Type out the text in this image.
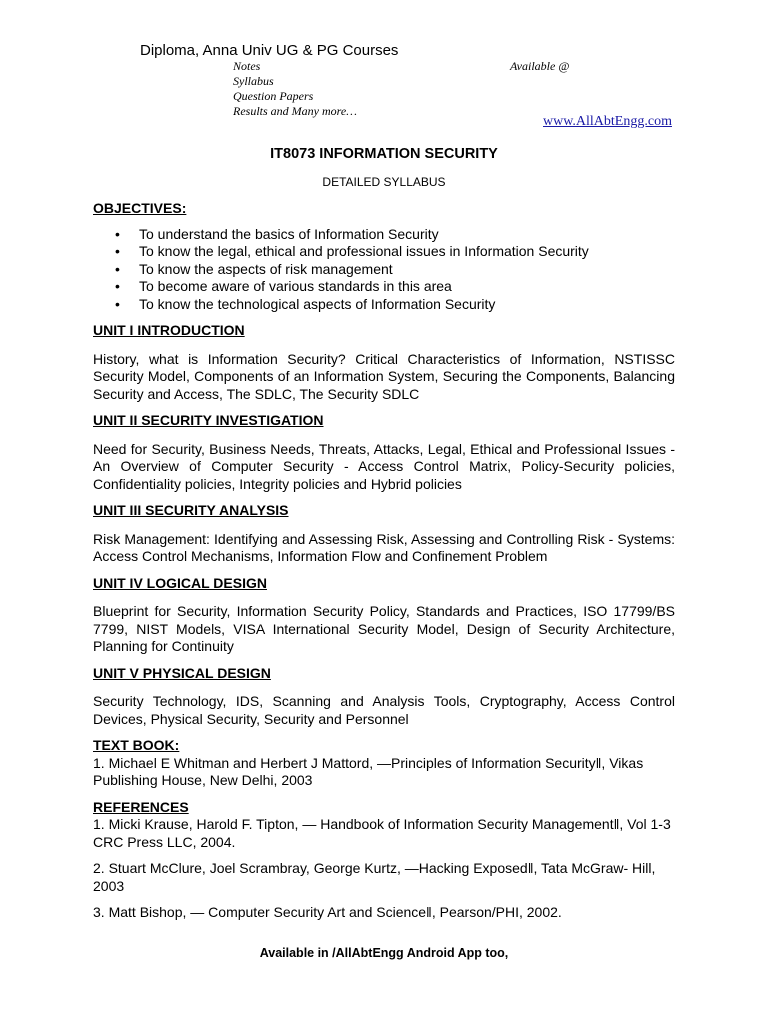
Diploma, Anna Univ UG & PG Courses
Notes
Syllabus
Question Papers
Results and Many more…
Available @
www.AllAbtEngg.com

IT8073 INFORMATION SECURITY

DETAILED SYLLABUS

OBJECTIVES:

• To understand the basics of Information Security
• To know the legal, ethical and professional issues in Information Security
• To know the aspects of risk management
• To become aware of various standards in this area
• To know the technological aspects of Information Security

UNIT I INTRODUCTION

History, what is Information Security? Critical Characteristics of Information, NSTISSC Security Model, Components of an Information System, Securing the Components, Balancing Security and Access, The SDLC, The Security SDLC

UNIT II SECURITY INVESTIGATION

Need for Security, Business Needs, Threats, Attacks, Legal, Ethical and Professional Issues - An Overview of Computer Security - Access Control Matrix, Policy-Security policies, Confidentiality policies, Integrity policies and Hybrid policies

UNIT III SECURITY ANALYSIS

Risk Management: Identifying and Assessing Risk, Assessing and Controlling Risk - Systems: Access Control Mechanisms, Information Flow and Confinement Problem

UNIT IV LOGICAL DESIGN

Blueprint for Security, Information Security Policy, Standards and Practices, ISO 17799/BS 7799, NIST Models, VISA International Security Model, Design of Security Architecture, Planning for Continuity

UNIT V PHYSICAL DESIGN

Security Technology, IDS, Scanning and Analysis Tools, Cryptography, Access Control Devices, Physical Security, Security and Personnel

TEXT BOOK:

1. Michael E Whitman and Herbert J Mattord, ―Principles of Information Security‖, Vikas Publishing House, New Delhi, 2003

REFERENCES

1. Micki Krause, Harold F. Tipton, ― Handbook of Information Security Management‖, Vol 1-3 CRC Press LLC, 2004.

2. Stuart McClure, Joel Scrambray, George Kurtz, ―Hacking Exposed‖, Tata McGraw- Hill, 2003

3. Matt Bishop, ― Computer Security Art and Science‖, Pearson/PHI, 2002.

Available in /AllAbtEngg Android App too,
